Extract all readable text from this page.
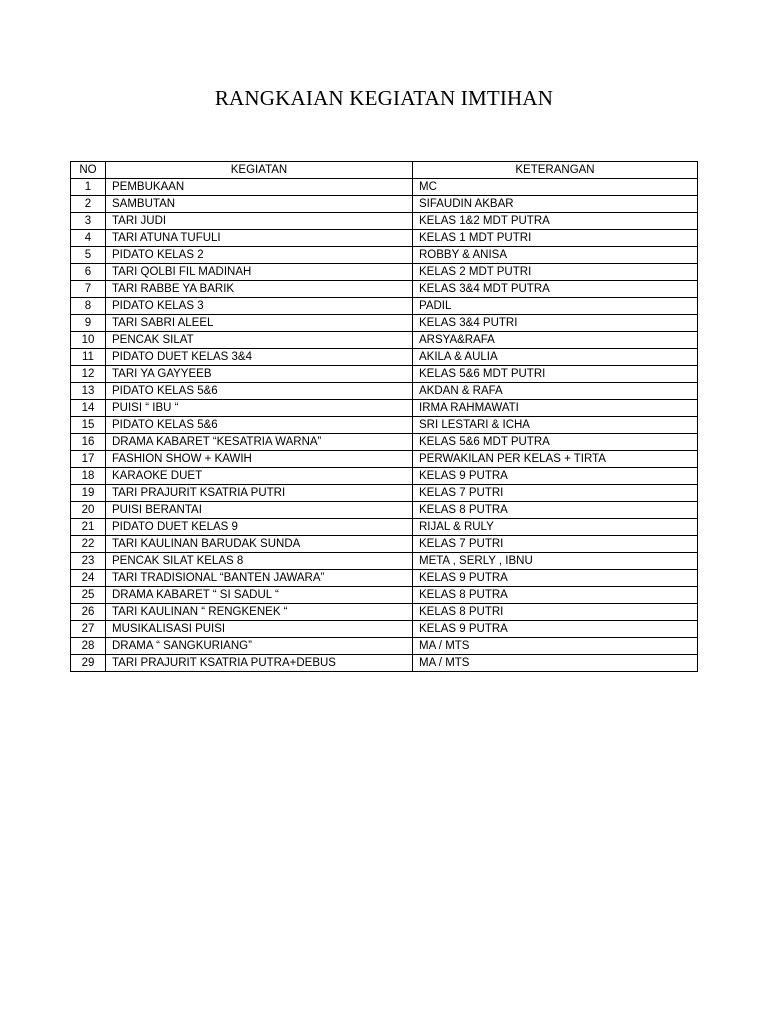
RANGKAIAN KEGIATAN IMTIHAN
NO	KEGIATAN	KETERANGAN
1	PEMBUKAAN	MC
2	SAMBUTAN	SIFAUDIN AKBAR
3	TARI JUDI	KELAS 1&2 MDT PUTRA
4	TARI ATUNA TUFULI	KELAS 1 MDT PUTRI
5	PIDATO KELAS 2	ROBBY & ANISA
6	TARI QOLBI FIL MADINAH	KELAS 2 MDT PUTRI
7	TARI RABBE YA BARIK	KELAS 3&4 MDT PUTRA
8	PIDATO KELAS 3	PADIL
9	TARI SABRI ALEEL	KELAS 3&4 PUTRI
10	PENCAK SILAT	ARSYA&RAFA
11	PIDATO DUET KELAS 3&4	AKILA & AULIA
12	TARI YA GAYYEEB	KELAS 5&6 MDT PUTRI
13	PIDATO KELAS 5&6	AKDAN & RAFA
14	PUISI “ IBU “	IRMA RAHMAWATI
15	PIDATO KELAS 5&6	SRI LESTARI & ICHA
16	DRAMA KABARET “KESATRIA WARNA”	KELAS 5&6 MDT PUTRA
17	FASHION SHOW + KAWIH	PERWAKILAN PER KELAS + TIRTA
18	KARAOKE DUET	KELAS 9 PUTRA
19	TARI PRAJURIT KSATRIA PUTRI	KELAS 7 PUTRI
20	PUISI BERANTAI	KELAS 8 PUTRA
21	PIDATO DUET KELAS 9	RIJAL & RULY
22	TARI KAULINAN BARUDAK SUNDA	KELAS 7 PUTRI
23	PENCAK SILAT KELAS 8	META , SERLY , IBNU
24	TARI TRADISIONAL “BANTEN JAWARA”	KELAS 9 PUTRA
25	DRAMA KABARET “ SI SADUL “	KELAS 8 PUTRA
26	TARI KAULINAN “ RENGKENEK “	KELAS 8 PUTRI
27	MUSIKALISASI PUISI	KELAS 9 PUTRA
28	DRAMA “ SANGKURIANG”	MA / MTS
29	TARI PRAJURIT KSATRIA PUTRA+DEBUS	MA / MTS
